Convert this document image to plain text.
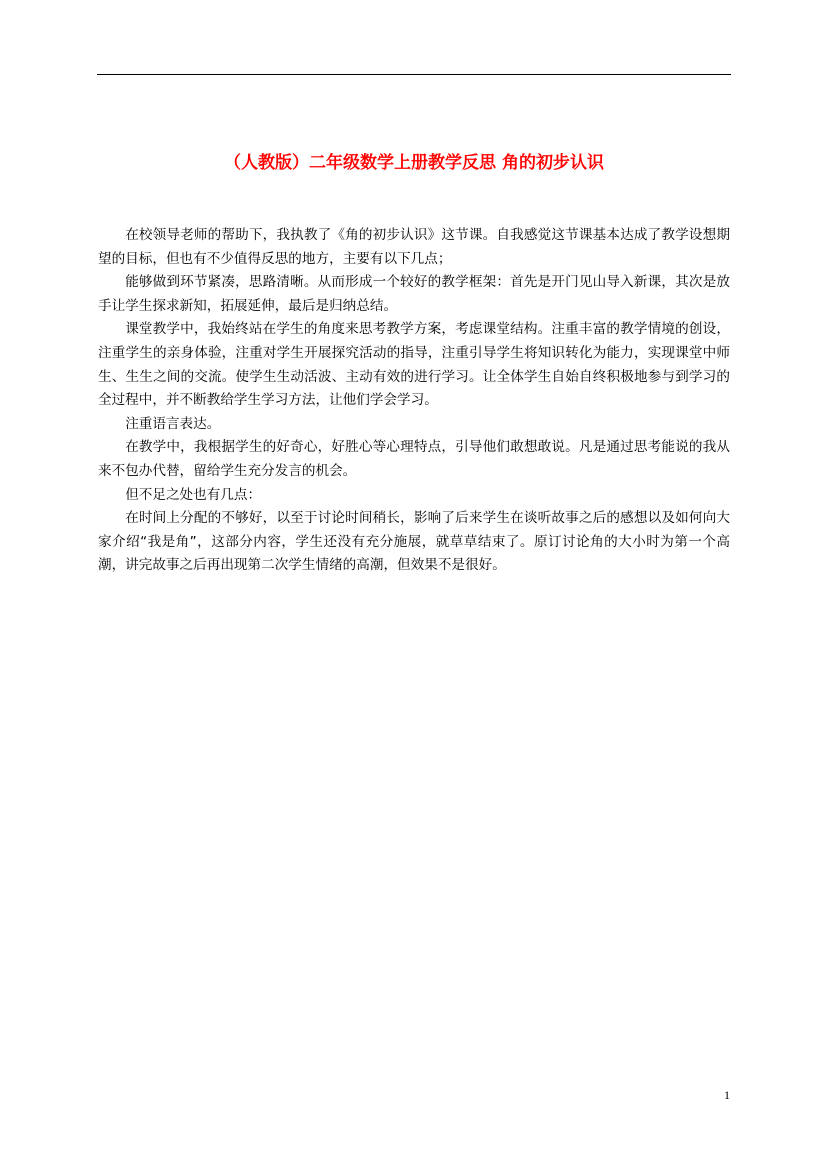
（人教版）二年级数学上册教学反思 角的初步认识

在校领导老师的帮助下，我执教了《角的初步认识》这节课。自我感觉这节课基本达成了教学设想期望的目标，但也有不少值得反思的地方，主要有以下几点；

能够做到环节紧凑，思路清晰。从而形成一个较好的教学框架：首先是开门见山导入新课，其次是放手让学生探求新知，拓展延伸，最后是归纳总结。

课堂教学中，我始终站在学生的角度来思考教学方案，考虑课堂结构。注重丰富的教学情境的创设，注重学生的亲身体验，注重对学生开展探究活动的指导，注重引导学生将知识转化为能力，实现课堂中师生、生生之间的交流。使学生生动活波、主动有效的进行学习。让全体学生自始自终积极地参与到学习的全过程中，并不断教给学生学习方法，让他们学会学习。

注重语言表达。

在教学中，我根据学生的好奇心，好胜心等心理特点，引导他们敢想敢说。凡是通过思考能说的我从来不包办代替，留给学生充分发言的机会。

但不足之处也有几点：

在时间上分配的不够好，以至于讨论时间稍长，影响了后来学生在谈听故事之后的感想以及如何向大家介绍“我是角”，这部分内容，学生还没有充分施展，就草草结束了。原订讨论角的大小时为第一个高潮，讲完故事之后再出现第二次学生情绪的高潮，但效果不是很好。

1
